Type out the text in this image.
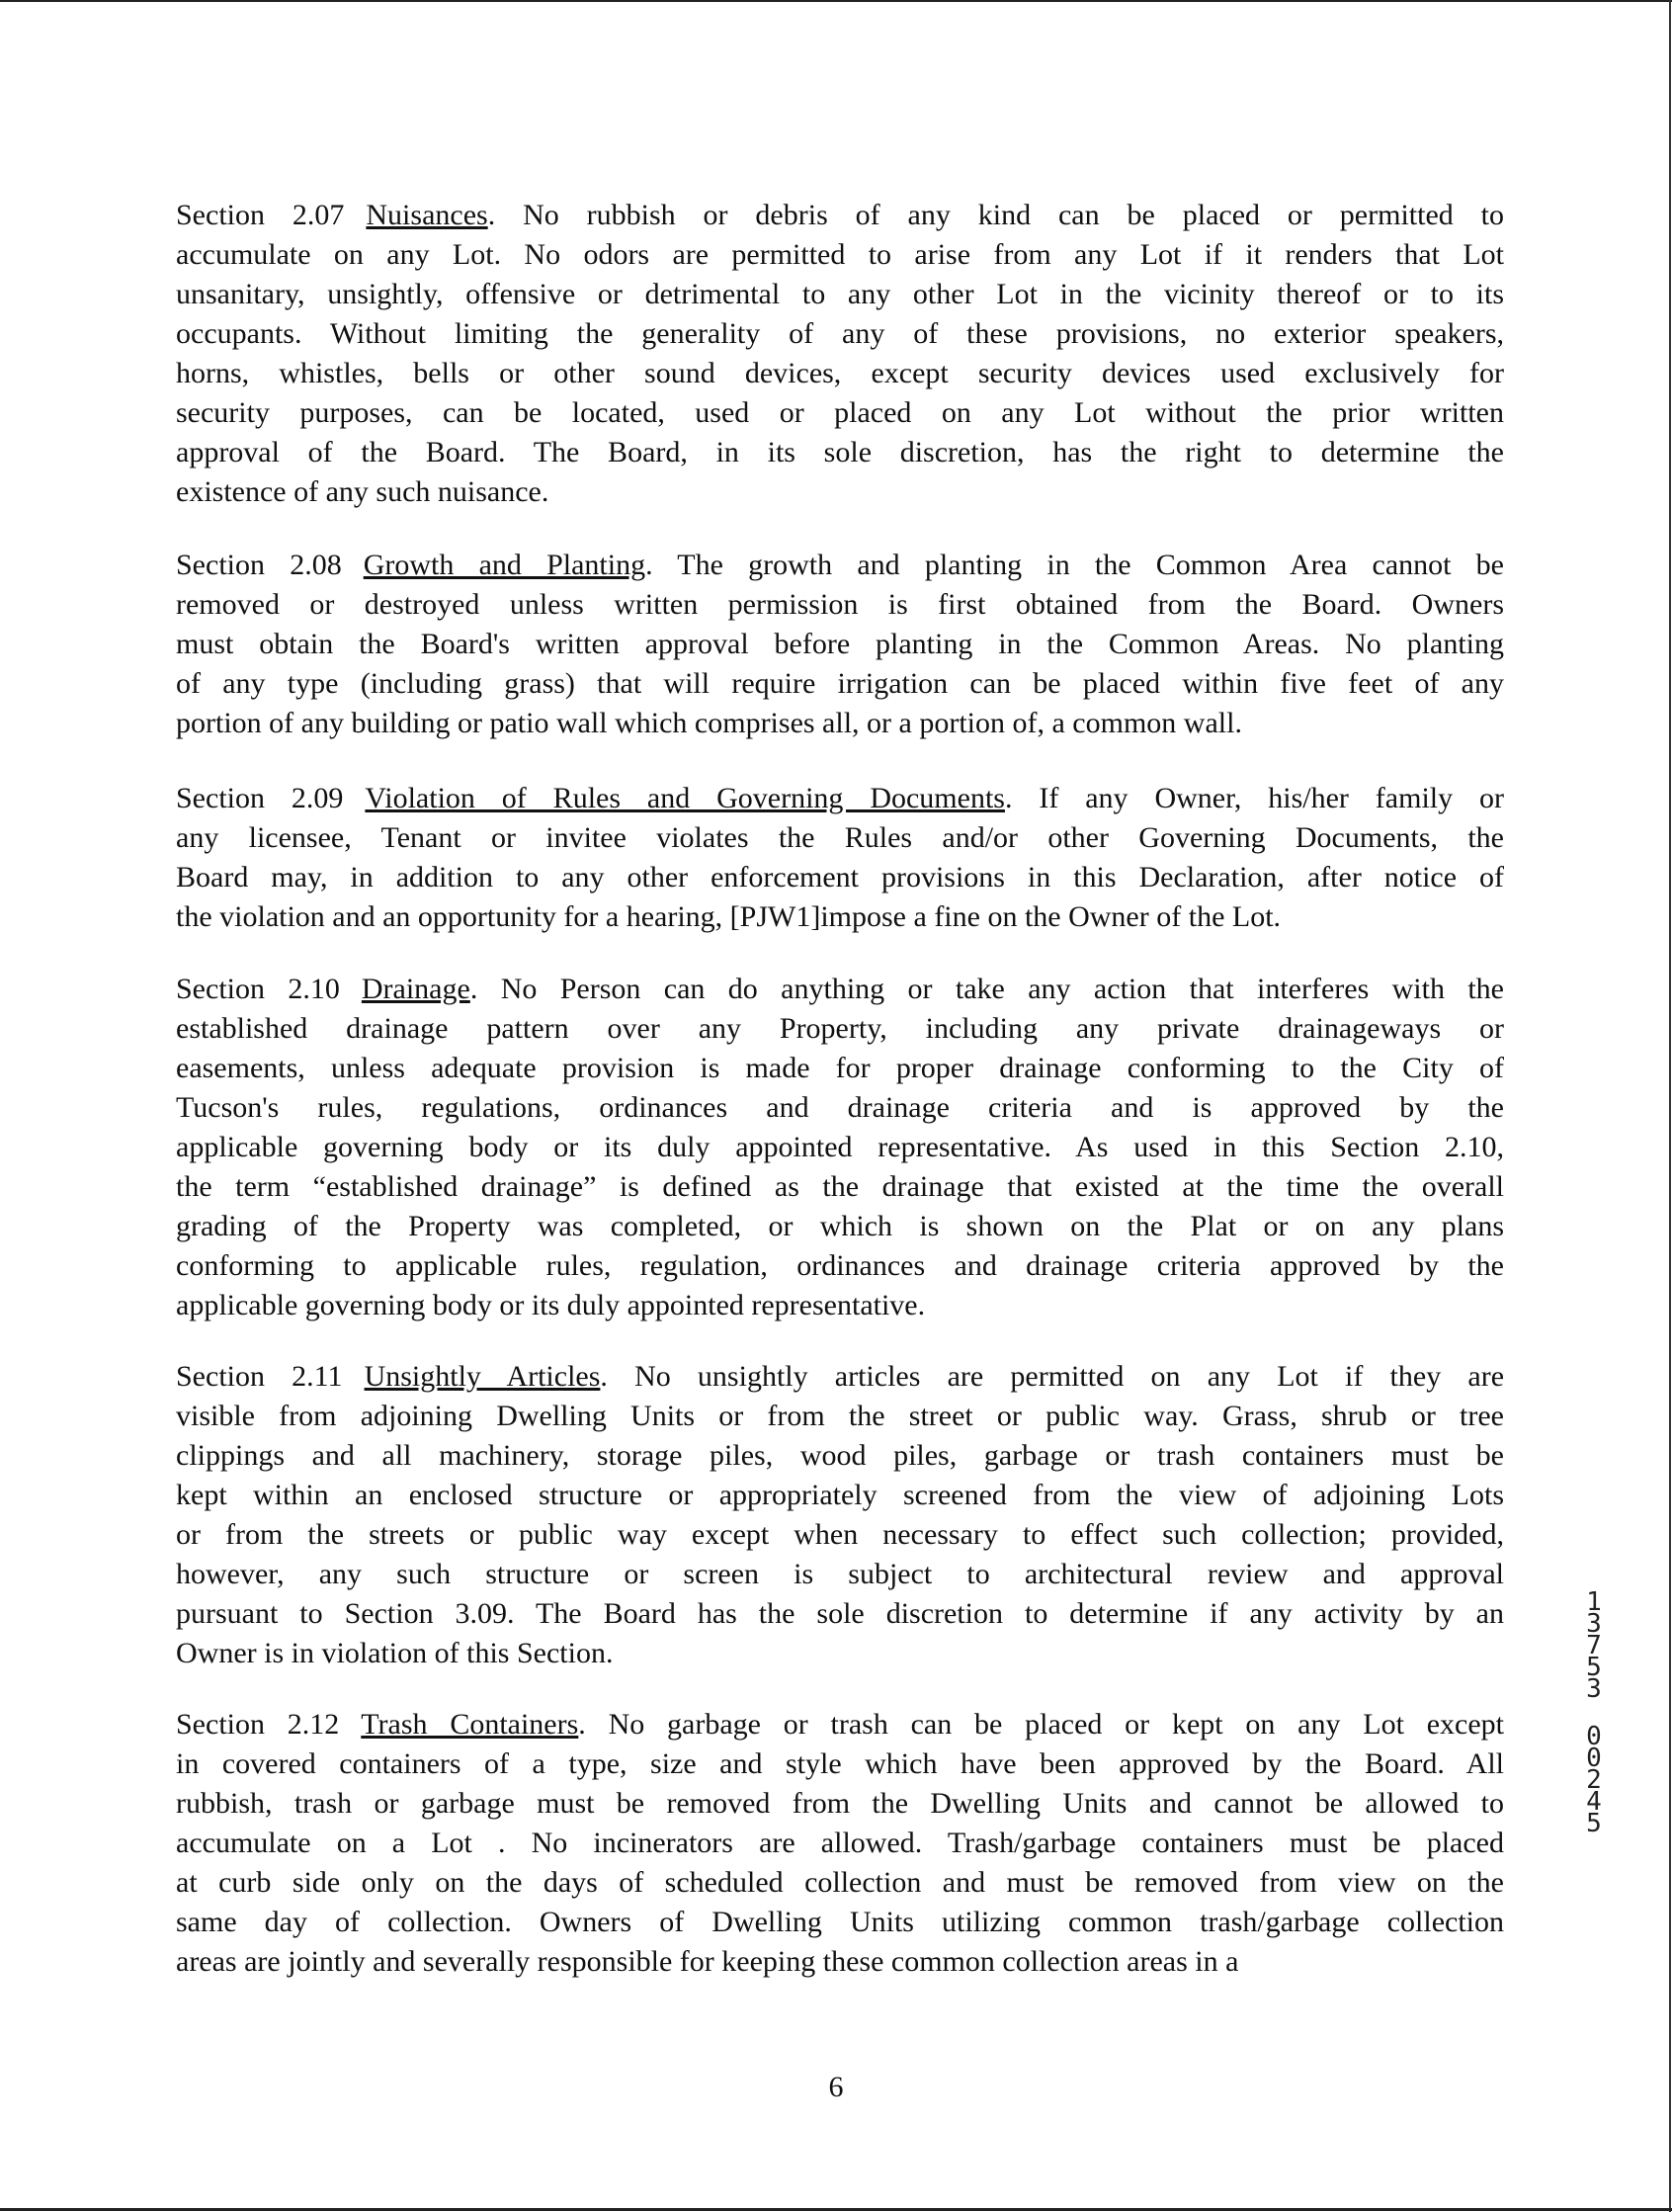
Section 2.07 Nuisances. No rubbish or debris of any kind can be placed or permitted to
accumulate on any Lot. No odors are permitted to arise from any Lot if it renders that Lot
unsanitary, unsightly, offensive or detrimental to any other Lot in the vicinity thereof or to its
occupants. Without limiting the generality of any of these provisions, no exterior speakers,
horns, whistles, bells or other sound devices, except security devices used exclusively for
security purposes, can be located, used or placed on any Lot without the prior written
approval of the Board. The Board, in its sole discretion, has the right to determine the
existence of any such nuisance.
Section 2.08 Growth and Planting. The growth and planting in the Common Area cannot be
removed or destroyed unless written permission is first obtained from the Board. Owners
must obtain the Board's written approval before planting in the Common Areas. No planting
of any type (including grass) that will require irrigation can be placed within five feet of any
portion of any building or patio wall which comprises all, or a portion of, a common wall.
Section 2.09 Violation of Rules and Governing Documents. If any Owner, his/her family or
any licensee, Tenant or invitee violates the Rules and/or other Governing Documents, the
Board may, in addition to any other enforcement provisions in this Declaration, after notice of
the violation and an opportunity for a hearing, [PJW1]impose a fine on the Owner of the Lot.
Section 2.10 Drainage. No Person can do anything or take any action that interferes with the
established drainage pattern over any Property, including any private drainageways or
easements, unless adequate provision is made for proper drainage conforming to the City of
Tucson's rules, regulations, ordinances and drainage criteria and is approved by the
applicable governing body or its duly appointed representative. As used in this Section 2.10,
the term “established drainage” is defined as the drainage that existed at the time the overall
grading of the Property was completed, or which is shown on the Plat or on any plans
conforming to applicable rules, regulation, ordinances and drainage criteria approved by the
applicable governing body or its duly appointed representative.
Section 2.11 Unsightly Articles. No unsightly articles are permitted on any Lot if they are
visible from adjoining Dwelling Units or from the street or public way. Grass, shrub or tree
clippings and all machinery, storage piles, wood piles, garbage or trash containers must be
kept within an enclosed structure or appropriately screened from the view of adjoining Lots
or from the streets or public way except when necessary to effect such collection; provided,
however, any such structure or screen is subject to architectural review and approval
pursuant to Section 3.09. The Board has the sole discretion to determine if any activity by an
Owner is in violation of this Section.
Section 2.12 Trash Containers. No garbage or trash can be placed or kept on any Lot except
in covered containers of a type, size and style which have been approved by the Board. All
rubbish, trash or garbage must be removed from the Dwelling Units and cannot be allowed to
accumulate on a Lot . No incinerators are allowed. Trash/garbage containers must be placed
at curb side only on the days of scheduled collection and must be removed from view on the
same day of collection. Owners of Dwelling Units utilizing common trash/garbage collection
areas are jointly and severally responsible for keeping these common collection areas in a
6
1
3
7
5
3
0
0
2
4
5
